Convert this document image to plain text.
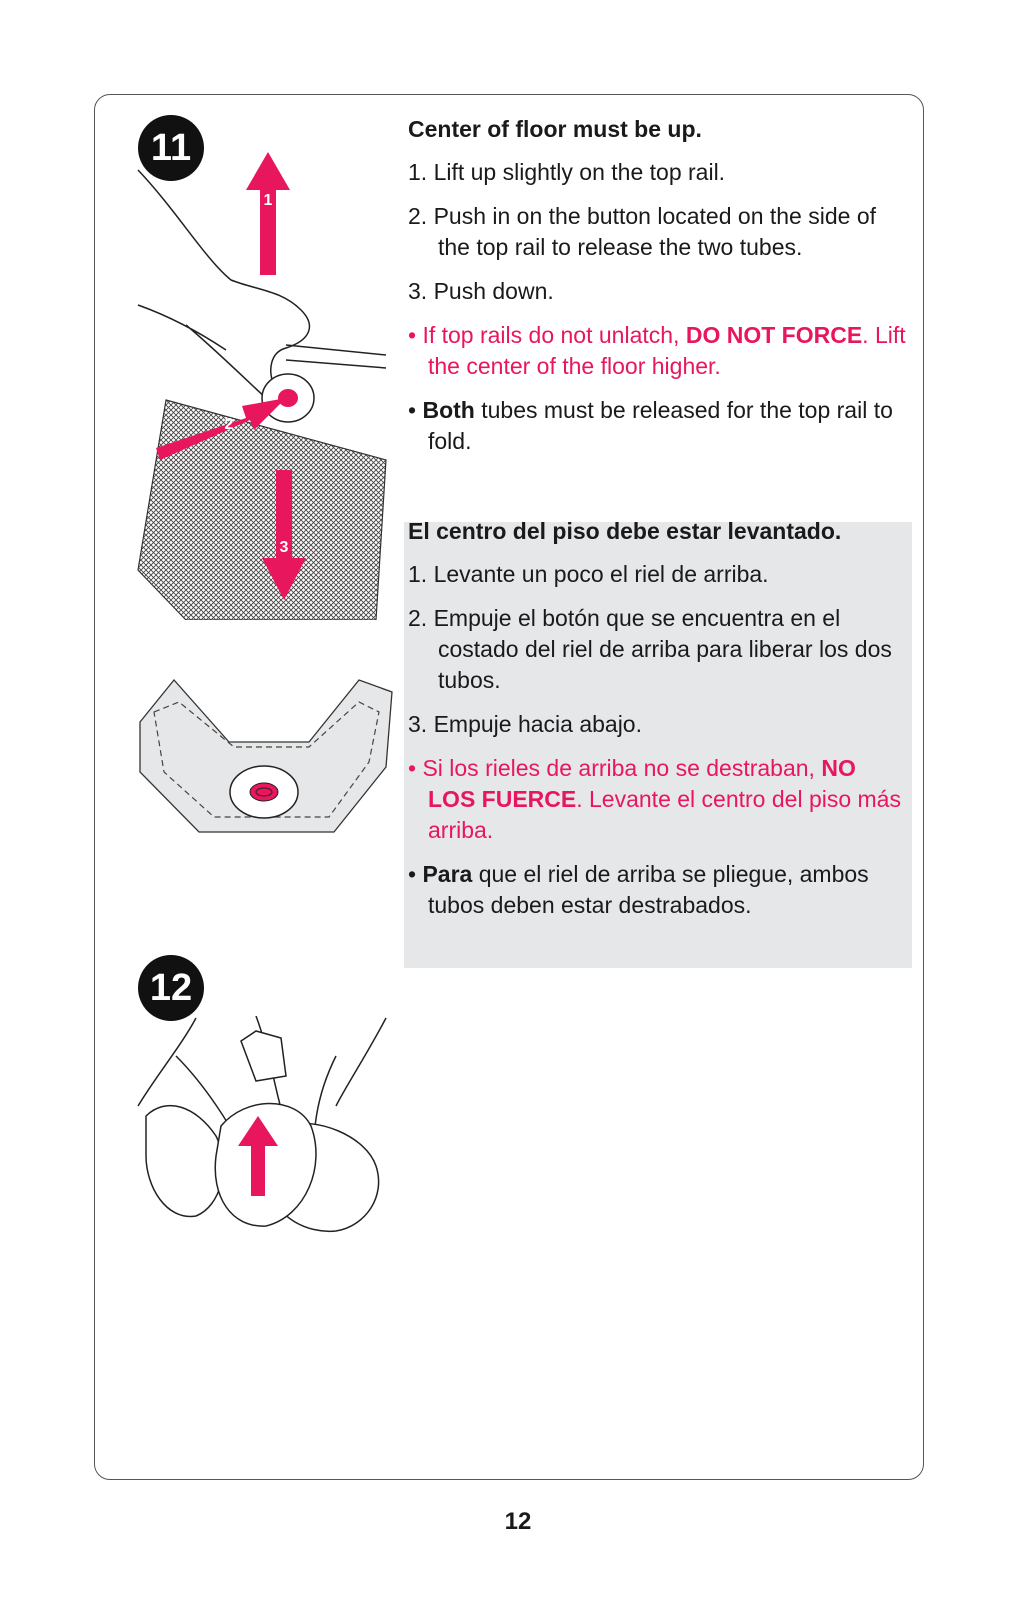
11
1
2
3
Center of floor must be up.
1. Lift up slightly on the top rail.
2. Push in on the button located on the side of the top rail to release the two tubes.
3. Push down.
• If top rails do not unlatch, DO NOT FORCE. Lift the center of the floor higher.
• Both tubes must be released for the top rail to fold.
El centro del piso debe estar levantado.
1. Levante un poco el riel de arriba.
2. Empuje el botón que se encuentra en el costado del riel de arriba para liberar los dos tubos.
3. Empuje hacia abajo.
• Si los rieles de arriba no se destraban, NO LOS FUERCE. Levante el centro del piso más arriba.
• Para que el riel de arriba se pliegue, ambos tubos deben estar destrabados.
12
12
